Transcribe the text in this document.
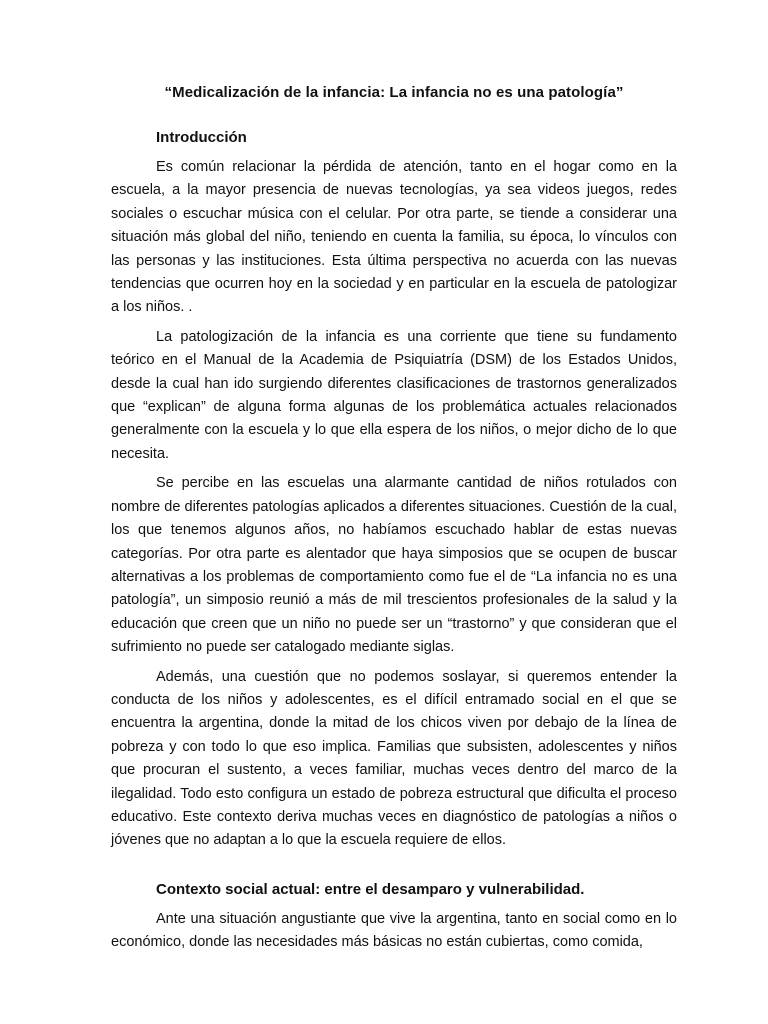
“Medicalización de la infancia: La infancia no es una patología”
Introducción

Es común relacionar la pérdida de atención, tanto en el hogar como en la escuela, a la mayor presencia de nuevas tecnologías, ya sea videos juegos, redes sociales o escuchar música con el celular. Por otra parte, se tiende a considerar una situación más global del niño, teniendo en cuenta la familia, su época, lo vínculos con las personas y las instituciones. Esta última perspectiva no acuerda con las nuevas tendencias que ocurren hoy en la sociedad y en particular en la escuela de patologizar a los niños. .

La patologización de la infancia es una corriente que tiene su fundamento teórico en el Manual de la Academia de Psiquiatría (DSM) de los Estados Unidos, desde la cual han ido surgiendo diferentes clasificaciones de trastornos generalizados que “explican” de alguna forma algunas de los problemática actuales relacionados generalmente con la escuela y lo que ella espera de los niños, o mejor dicho de lo que necesita.

Se percibe en las escuelas una alarmante cantidad de niños rotulados con nombre de diferentes patologías aplicados a diferentes situaciones. Cuestión de la cual, los que tenemos algunos años, no habíamos escuchado hablar de estas nuevas categorías. Por otra parte es alentador que haya simposios que se ocupen de buscar alternativas a los problemas de comportamiento como fue el de “La infancia no es una patología”, un simposio reunió a más de mil trescientos profesionales de la salud y la educación que creen que un niño no puede ser un “trastorno” y que consideran que el sufrimiento no puede ser catalogado mediante siglas.

Además, una cuestión que no podemos soslayar, si queremos entender la conducta de los niños y adolescentes, es el difícil entramado social en el que se encuentra la argentina, donde la mitad de los chicos viven por debajo de la línea de pobreza y con todo lo que eso implica. Familias que subsisten, adolescentes y niños que procuran el sustento, a veces familiar, muchas veces dentro del marco de la ilegalidad. Todo esto configura un estado de pobreza estructural que dificulta el proceso educativo. Este contexto deriva muchas veces en diagnóstico de patologías a niños o jóvenes que no adaptan a lo que la escuela requiere de ellos.

Contexto social actual: entre el desamparo y vulnerabilidad.

Ante una situación angustiante que vive la argentina, tanto en social como en lo económico, donde las necesidades más básicas no están cubiertas, como comida,
